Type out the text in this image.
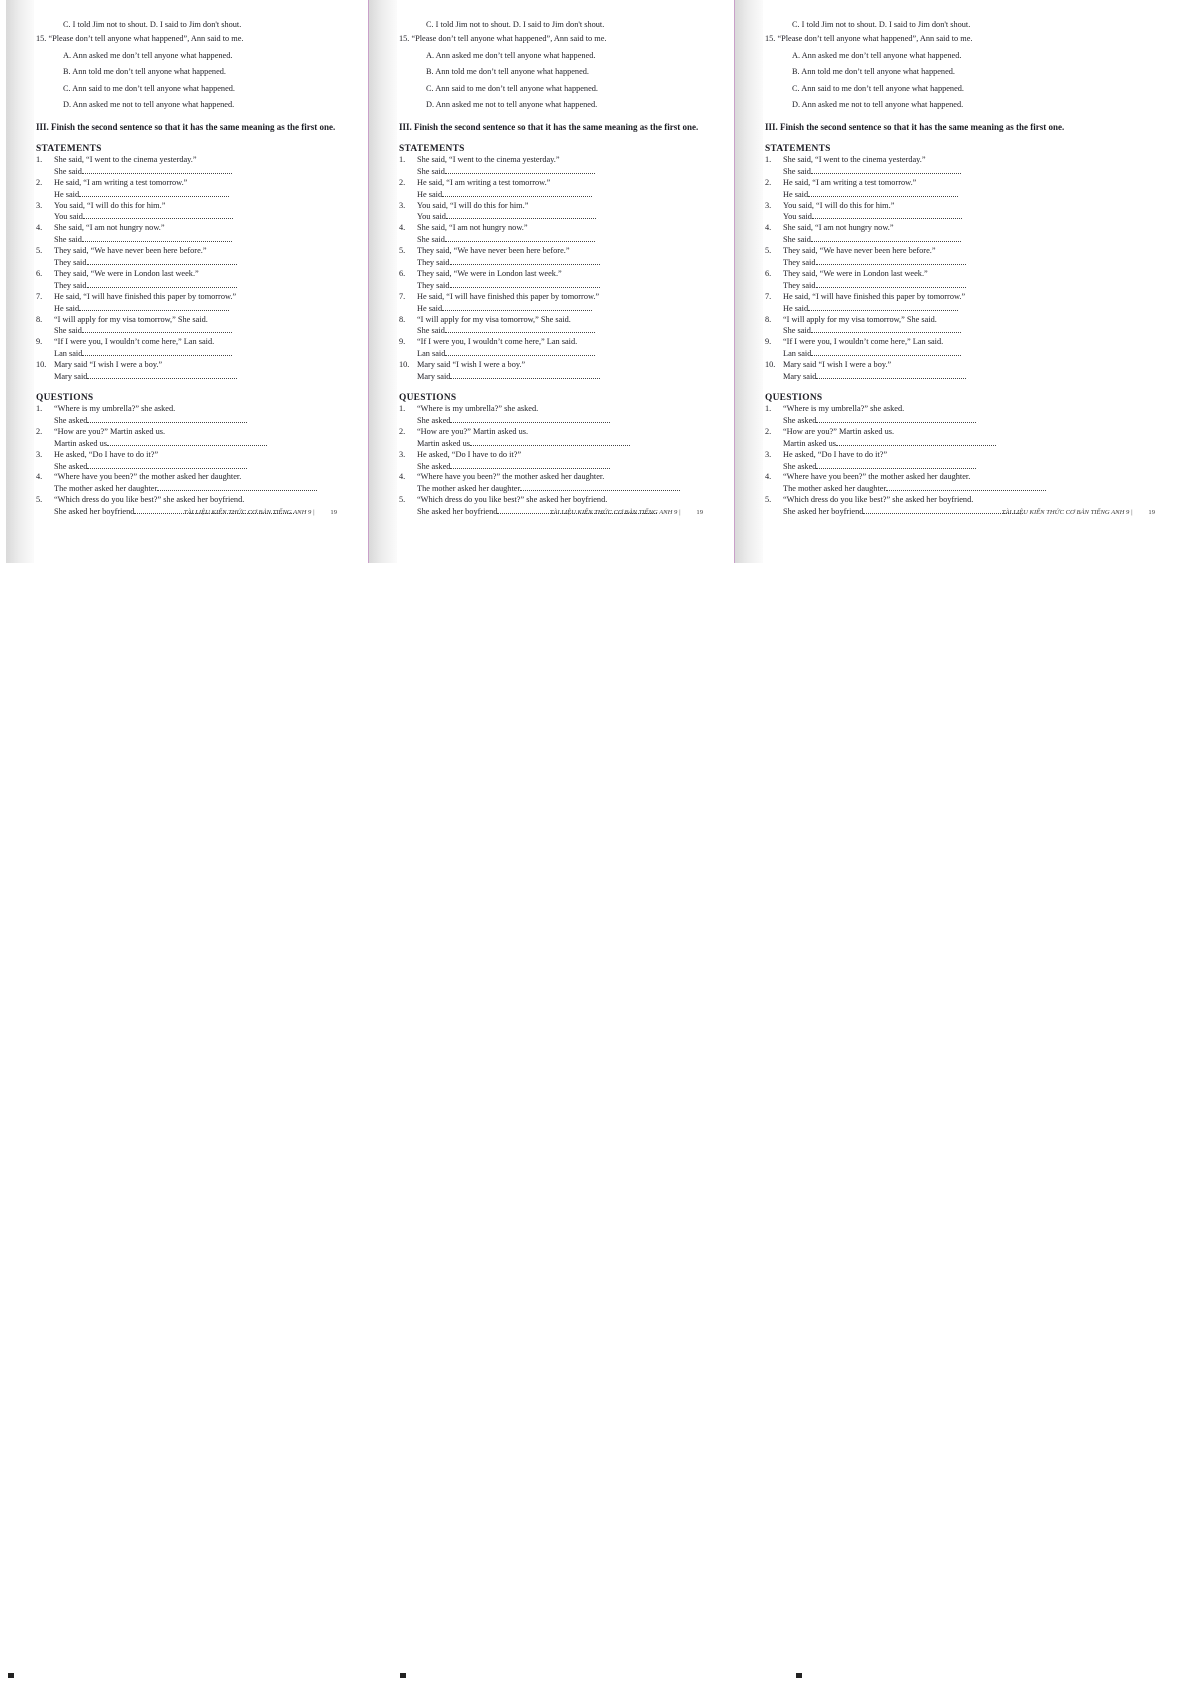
C. I told Jim not to shout. D. I said to Jim don't shout.
15. “Please don’t tell anyone what happened”, Ann said to me.
A. Ann asked me don’t tell anyone what happened.
B. Ann told me don’t tell anyone what happened.
C. Ann said to me don’t tell anyone what happened.
D. Ann asked me not to tell anyone what happened.
III. Finish the second sentence so that it has the same meaning as the first one.
STATEMENTS
1. She said, “I went to the cinema yesterday.”
She said
2. He said, “I am writing a test tomorrow.”
He said
3. You said, “I will do this for him.”
You said
4. She said, “I am not hungry now.”
She said
5. They said, “We have never been here before.”
They said
6. They said, “We were in London last week.”
They said
7. He said, “I will have finished this paper by tomorrow.”
He said
8. “I will apply for my visa tomorrow,” She said.
She said
9. “If I were you, I wouldn’t come here,” Lan said.
Lan said
10. Mary said “I wish I were a boy.”
Mary said
QUESTIONS
1. “Where is my umbrella?” she asked.
She asked
2. “How are you?” Martin asked us.
Martin asked us
3. He asked, “Do I have to do it?”
She asked
4. “Where have you been?” the mother asked her daughter.
The mother asked her daughter
5. “Which dress do you like best?” she asked her boyfriend.
She asked her boyfriend	TÀI LIỆU KIẾN THỨC CƠ BẢN TIẾNG ANH 9 | 19
C. I told Jim not to shout. D. I said to Jim don't shout.
15. “Please don’t tell anyone what happened”, Ann said to me.
A. Ann asked me don’t tell anyone what happened.
B. Ann told me don’t tell anyone what happened.
C. Ann said to me don’t tell anyone what happened.
D. Ann asked me not to tell anyone what happened.
III. Finish the second sentence so that it has the same meaning as the first one.
STATEMENTS
1. She said, “I went to the cinema yesterday.”
She said
2. He said, “I am writing a test tomorrow.”
He said
3. You said, “I will do this for him.”
You said
4. She said, “I am not hungry now.”
She said
5. They said, “We have never been here before.”
They said
6. They said, “We were in London last week.”
They said
7. He said, “I will have finished this paper by tomorrow.”
He said
8. “I will apply for my visa tomorrow,” She said.
She said
9. “If I were you, I wouldn’t come here,” Lan said.
Lan said
10. Mary said “I wish I were a boy.”
Mary said
QUESTIONS
1. “Where is my umbrella?” she asked.
She asked
2. “How are you?” Martin asked us.
Martin asked us
3. He asked, “Do I have to do it?”
She asked
4. “Where have you been?” the mother asked her daughter.
The mother asked her daughter
5. “Which dress do you like best?” she asked her boyfriend.
She asked her boyfriend	TÀI LIỆU KIẾN THỨC CƠ BẢN TIẾNG ANH 9 | 19
C. I told Jim not to shout. D. I said to Jim don't shout.
15. “Please don’t tell anyone what happened”, Ann said to me.
A. Ann asked me don’t tell anyone what happened.
B. Ann told me don’t tell anyone what happened.
C. Ann said to me don’t tell anyone what happened.
D. Ann asked me not to tell anyone what happened.
III. Finish the second sentence so that it has the same meaning as the first one.
STATEMENTS
1. She said, “I went to the cinema yesterday.”
She said
2. He said, “I am writing a test tomorrow.”
He said
3. You said, “I will do this for him.”
You said
4. She said, “I am not hungry now.”
She said
5. They said, “We have never been here before.”
They said
6. They said, “We were in London last week.”
They said
7. He said, “I will have finished this paper by tomorrow.”
He said
8. “I will apply for my visa tomorrow,” She said.
She said
9. “If I were you, I wouldn’t come here,” Lan said.
Lan said
10. Mary said “I wish I were a boy.”
Mary said
QUESTIONS
1. “Where is my umbrella?” she asked.
She asked
2. “How are you?” Martin asked us.
Martin asked us
3. He asked, “Do I have to do it?”
She asked
4. “Where have you been?” the mother asked her daughter.
The mother asked her daughter
5. “Which dress do you like best?” she asked her boyfriend.
She asked her boyfriend	TÀI LIỆU KIẾN THỨC CƠ BẢN TIẾNG ANH 9 | 19
